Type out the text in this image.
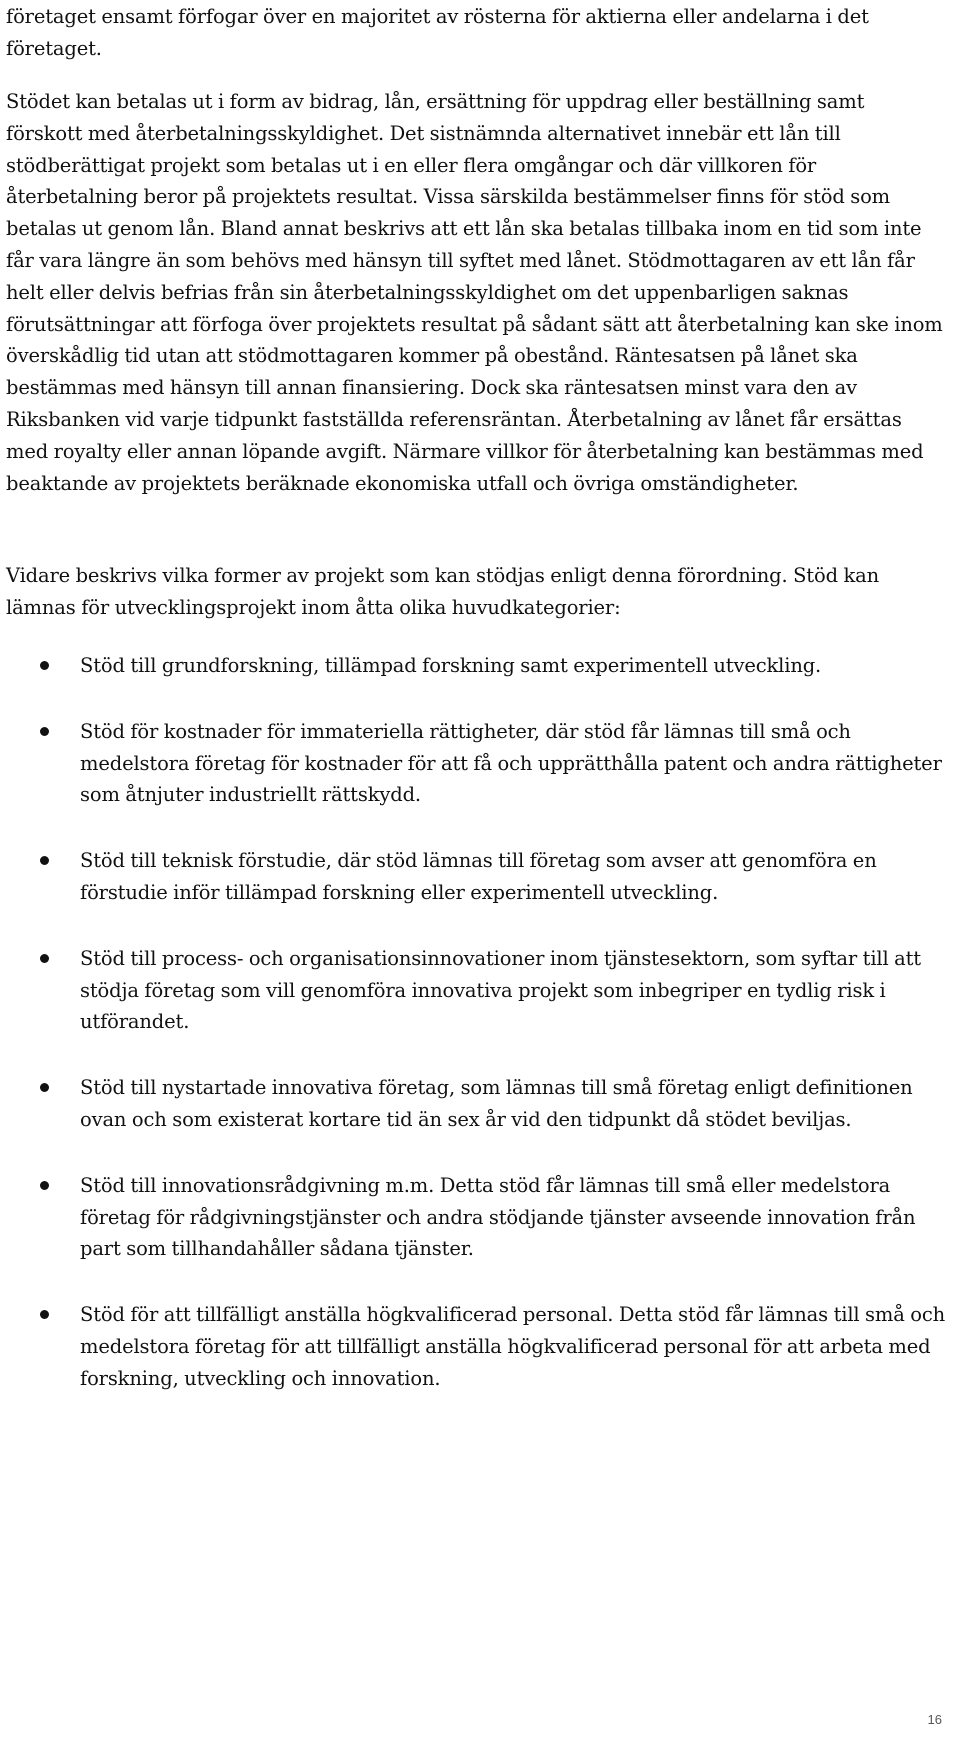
företaget ensamt förfogar över en majoritet av rösterna för aktierna eller andelarna i det företaget.

Stödet kan betalas ut i form av bidrag, lån, ersättning för uppdrag eller beställning samt förskott med återbetalningsskyldighet. Det sistnämnda alternativet innebär ett lån till stödberättigat projekt som betalas ut i en eller flera omgångar och där villkoren för återbetalning beror på projektets resultat. Vissa särskilda bestämmelser finns för stöd som betalas ut genom lån. Bland annat beskrivs att ett lån ska betalas tillbaka inom en tid som inte får vara längre än som behövs med hänsyn till syftet med lånet. Stödmottagaren av ett lån får helt eller delvis befrias från sin återbetalningsskyldighet om det uppenbarligen saknas förutsättningar att förfoga över projektets resultat på sådant sätt att återbetalning kan ske inom överskådlig tid utan att stödmottagaren kommer på obestånd. Räntesatsen på lånet ska bestämmas med hänsyn till annan finansiering. Dock ska räntesatsen minst vara den av Riksbanken vid varje tidpunkt fastställda referensräntan. Återbetalning av lånet får ersättas med royalty eller annan löpande avgift. Närmare villkor för återbetalning kan bestämmas med beaktande av projektets beräknade ekonomiska utfall och övriga omständigheter.

Vidare beskrivs vilka former av projekt som kan stödjas enligt denna förordning. Stöd kan lämnas för utvecklingsprojekt inom åtta olika huvudkategorier:

Stöd till grundforskning, tillämpad forskning samt experimentell utveckling.
Stöd för kostnader för immateriella rättigheter, där stöd får lämnas till små och medelstora företag för kostnader för att få och upprätthålla patent och andra rättigheter som åtnjuter industriellt rättskydd.
Stöd till teknisk förstudie, där stöd lämnas till företag som avser att genomföra en förstudie inför tillämpad forskning eller experimentell utveckling.
Stöd till process- och organisationsinnovationer inom tjänstesektorn, som syftar till att stödja företag som vill genomföra innovativa projekt som inbegriper en tydlig risk i utförandet.
Stöd till nystartade innovativa företag, som lämnas till små företag enligt definitionen ovan och som existerat kortare tid än sex år vid den tidpunkt då stödet beviljas.
Stöd till innovationsrådgivning m.m. Detta stöd får lämnas till små eller medelstora företag för rådgivningstjänster och andra stödjande tjänster avseende innovation från part som tillhandahåller sådana tjänster.
Stöd för att tillfälligt anställa högkvalificerad personal. Detta stöd får lämnas till små och medelstora företag för att tillfälligt anställa högkvalificerad personal för att arbeta med forskning, utveckling och innovation.
16
